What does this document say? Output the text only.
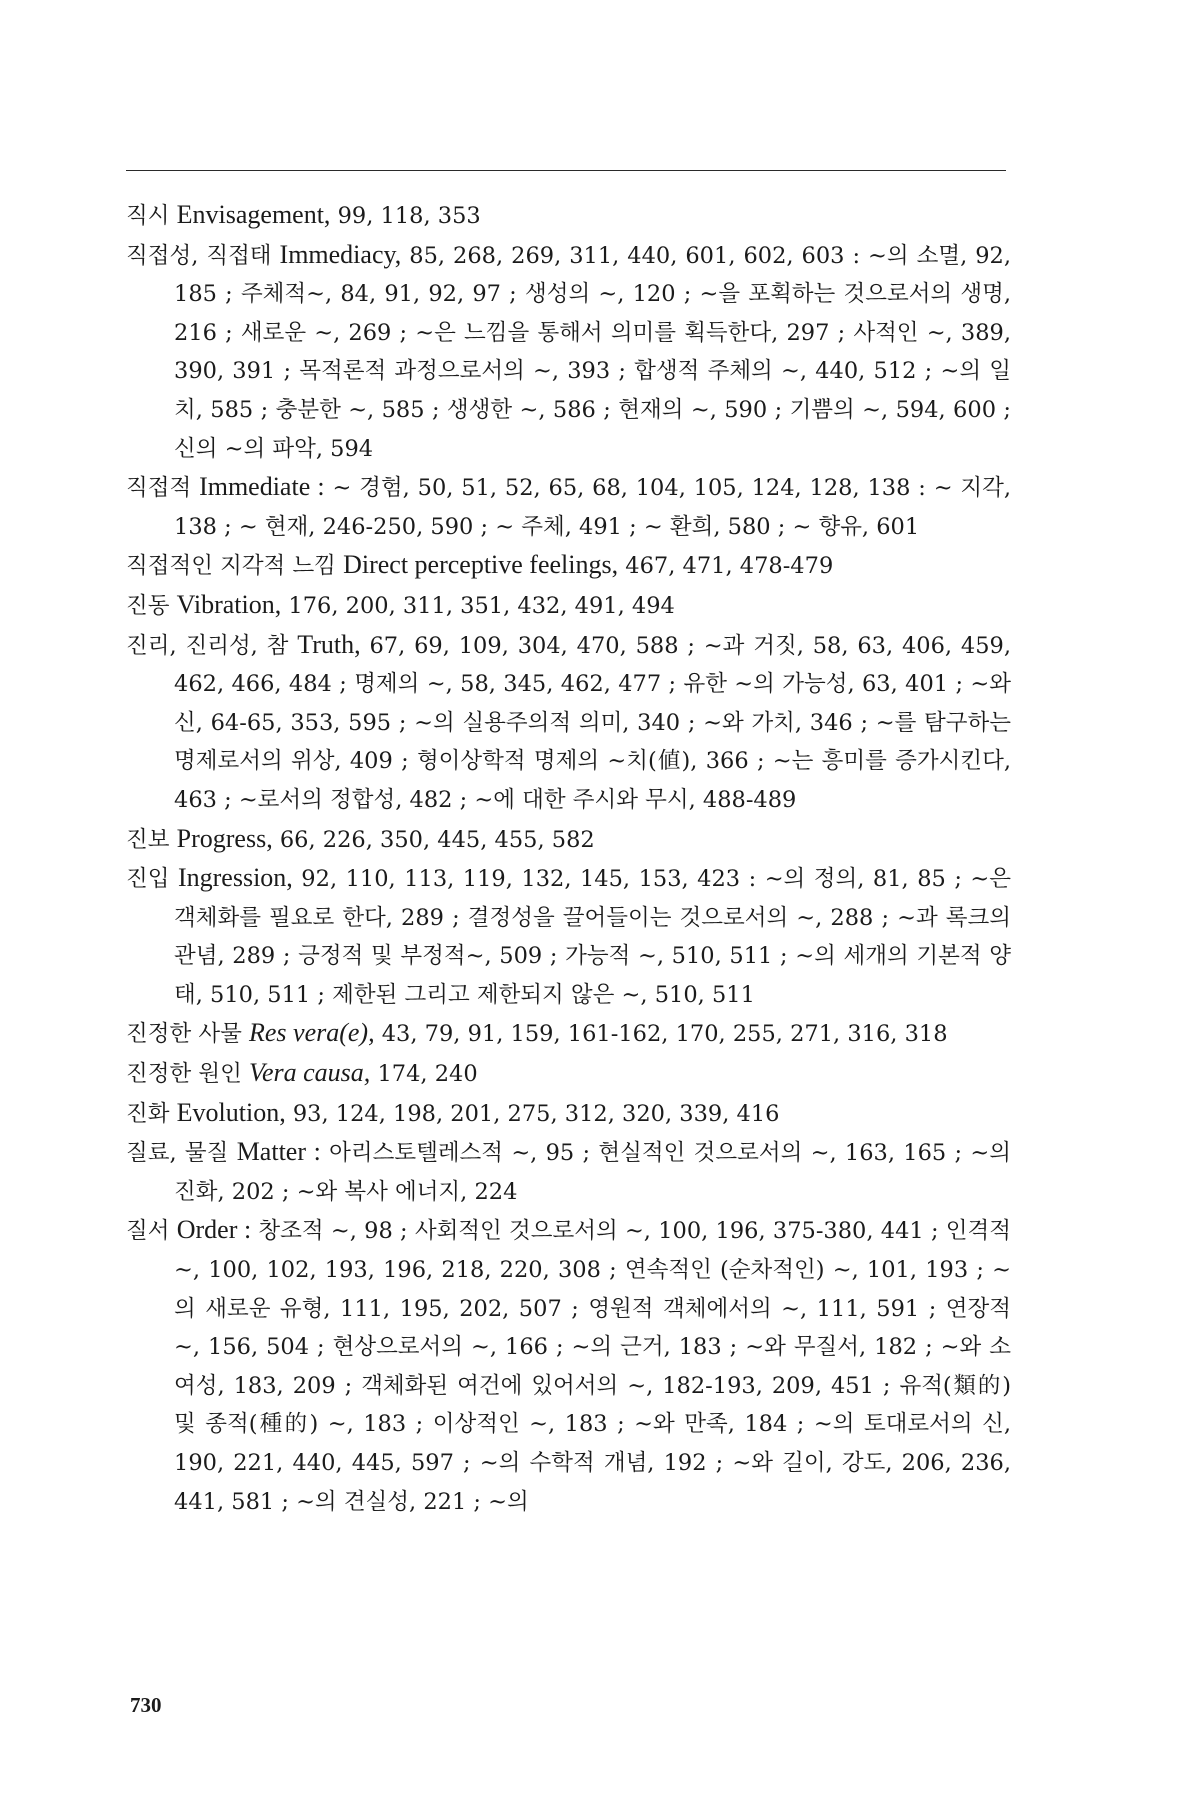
직시 Envisagement, 99, 118, 353
직접성, 직접태 Immediacy, 85, 268, 269, 311, 440, 601, 602, 603 : ~의 소멸, 92, 185 ; 주체적~, 84, 91, 92, 97 ; 생성의 ~, 120 ; ~을 포획하는 것으로서의 생명, 216 ; 새로운 ~, 269 ; ~은 느낌을 통해서 의미를 획득한다, 297 ; 사적인 ~, 389, 390, 391 ; 목적론적 과정으로서의 ~, 393 ; 합생적 주체의 ~, 440, 512 ; ~의 일치, 585 ; 충분한 ~, 585 ; 생생한 ~, 586 ; 현재의 ~, 590 ; 기쁨의 ~, 594, 600 ; 신의 ~의 파악, 594
직접적 Immediate : ~ 경험, 50, 51, 52, 65, 68, 104, 105, 124, 128, 138 : ~ 지각, 138 ; ~ 현재, 246-250, 590 ; ~ 주체, 491 ; ~ 환희, 580 ; ~ 향유, 601
직접적인 지각적 느낌 Direct perceptive feelings, 467, 471, 478-479
진동 Vibration, 176, 200, 311, 351, 432, 491, 494
진리, 진리성, 참 Truth, 67, 69, 109, 304, 470, 588 ; ~과 거짓, 58, 63, 406, 459, 462, 466, 484 ; 명제의 ~, 58, 345, 462, 477 ; 유한 ~의 가능성, 63, 401 ; ~와 신, 64-65, 353, 595 ; ~의 실용주의적 의미, 340 ; ~와 가치, 346 ; ~를 탐구하는 명제로서의 위상, 409 ; 형이상학적 명제의 ~치(値), 366 ; ~는 흥미를 증가시킨다, 463 ; ~로서의 정합성, 482 ; ~에 대한 주시와 무시, 488-489
진보 Progress, 66, 226, 350, 445, 455, 582
진입 Ingression, 92, 110, 113, 119, 132, 145, 153, 423 : ~의 정의, 81, 85 ; ~은 객체화를 필요로 한다, 289 ; 결정성을 끌어들이는 것으로서의 ~, 288 ; ~과 록크의 관념, 289 ; 긍정적 및 부정적~, 509 ; 가능적 ~, 510, 511 ; ~의 세개의 기본적 양태, 510, 511 ; 제한된 그리고 제한되지 않은 ~, 510, 511
진정한 사물 Res vera(e), 43, 79, 91, 159, 161-162, 170, 255, 271, 316, 318
진정한 원인 Vera causa, 174, 240
진화 Evolution, 93, 124, 198, 201, 275, 312, 320, 339, 416
질료, 물질 Matter : 아리스토텔레스적 ~, 95 ; 현실적인 것으로서의 ~, 163, 165 ; ~의 진화, 202 ; ~와 복사 에너지, 224
질서 Order : 창조적 ~, 98 ; 사회적인 것으로서의 ~, 100, 196, 375-380, 441 ; 인격적 ~, 100, 102, 193, 196, 218, 220, 308 ; 연속적인 (순차적인) ~, 101, 193 ; ~의 새로운 유형, 111, 195, 202, 507 ; 영원적 객체에서의 ~, 111, 591 ; 연장적 ~, 156, 504 ; 현상으로서의 ~, 166 ; ~의 근거, 183 ; ~와 무질서, 182 ; ~와 소여성, 183, 209 ; 객체화된 여건에 있어서의 ~, 182-193, 209, 451 ; 유적(類的) 및 종적(種的) ~, 183 ; 이상적인 ~, 183 ; ~와 만족, 184 ; ~의 토대로서의 신, 190, 221, 440, 445, 597 ; ~의 수학적 개념, 192 ; ~와 길이, 강도, 206, 236, 441, 581 ; ~의 견실성, 221 ; ~의
730
